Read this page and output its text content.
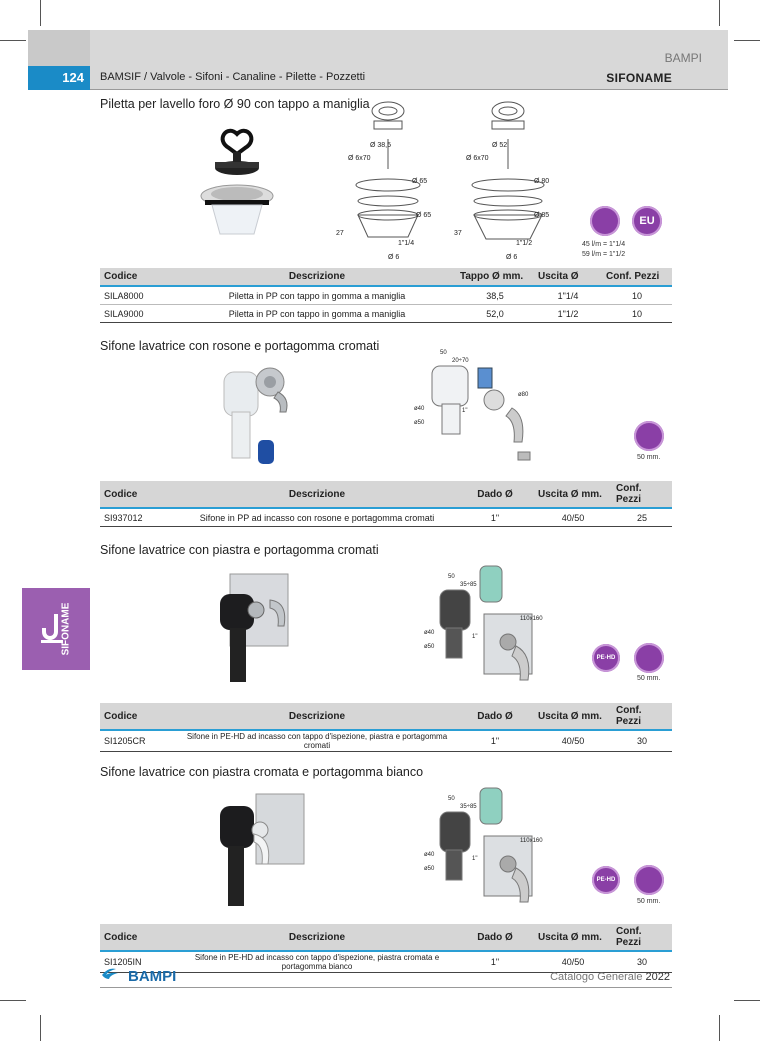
BAMPI
124	BAMSIF / Valvole - Sifoni - Canaline - Pilette - Pozzetti	SIFONAME
SIFONAME
Piletta per lavello foro Ø 90 con tappo a maniglia
Ø 38,5
Ø 6x70
Ø 65
Ø 65
27
1"1/4
Ø 6
Ø 52
Ø 6x70
Ø 80
Ø 85
37
1"1/2
Ø 6
EU
45 l/m = 1"1/4
59 l/m = 1"1/2
Codice	Descrizione	Tappo Ø mm.	Uscita Ø	Conf. Pezzi
SILA8000	Piletta in PP con tappo in gomma a maniglia	38,5	1"1/4	10
SILA9000	Piletta in PP con tappo in gomma a maniglia	52,0	1"1/2	10
Sifone lavatrice con rosone e portagomma cromati	50
20÷70
ø80
ø40
ø50
1"
50 mm.
Codice	Descrizione	Dado Ø	Uscita Ø mm.	Conf. Pezzi
SI937012	Sifone in PP ad incasso con rosone e portagomma cromati	1"	40/50	25
Sifone lavatrice con piastra e portagomma cromati
50
35÷85
110x160
ø40
ø50
1"
PE-HD
50 mm.
Codice	Descrizione	Dado Ø	Uscita Ø mm.	Conf. Pezzi
SI1205CR	Sifone in PE-HD ad incasso con tappo d'ispezione, piastra e portagomma cromati	1"	40/50	30
Sifone lavatrice con piastra cromata e portagomma bianco
50
35÷85
110x160
ø40
ø50
1"
PE-HD
50 mm.
Codice	Descrizione	Dado Ø	Uscita Ø mm.	Conf. Pezzi
SI1205IN	Sifone in PE-HD ad incasso con tappo d'ispezione, piastra cromata e portagomma bianco	1"	40/50	30
BAMPI	Catalogo Generale 2022
